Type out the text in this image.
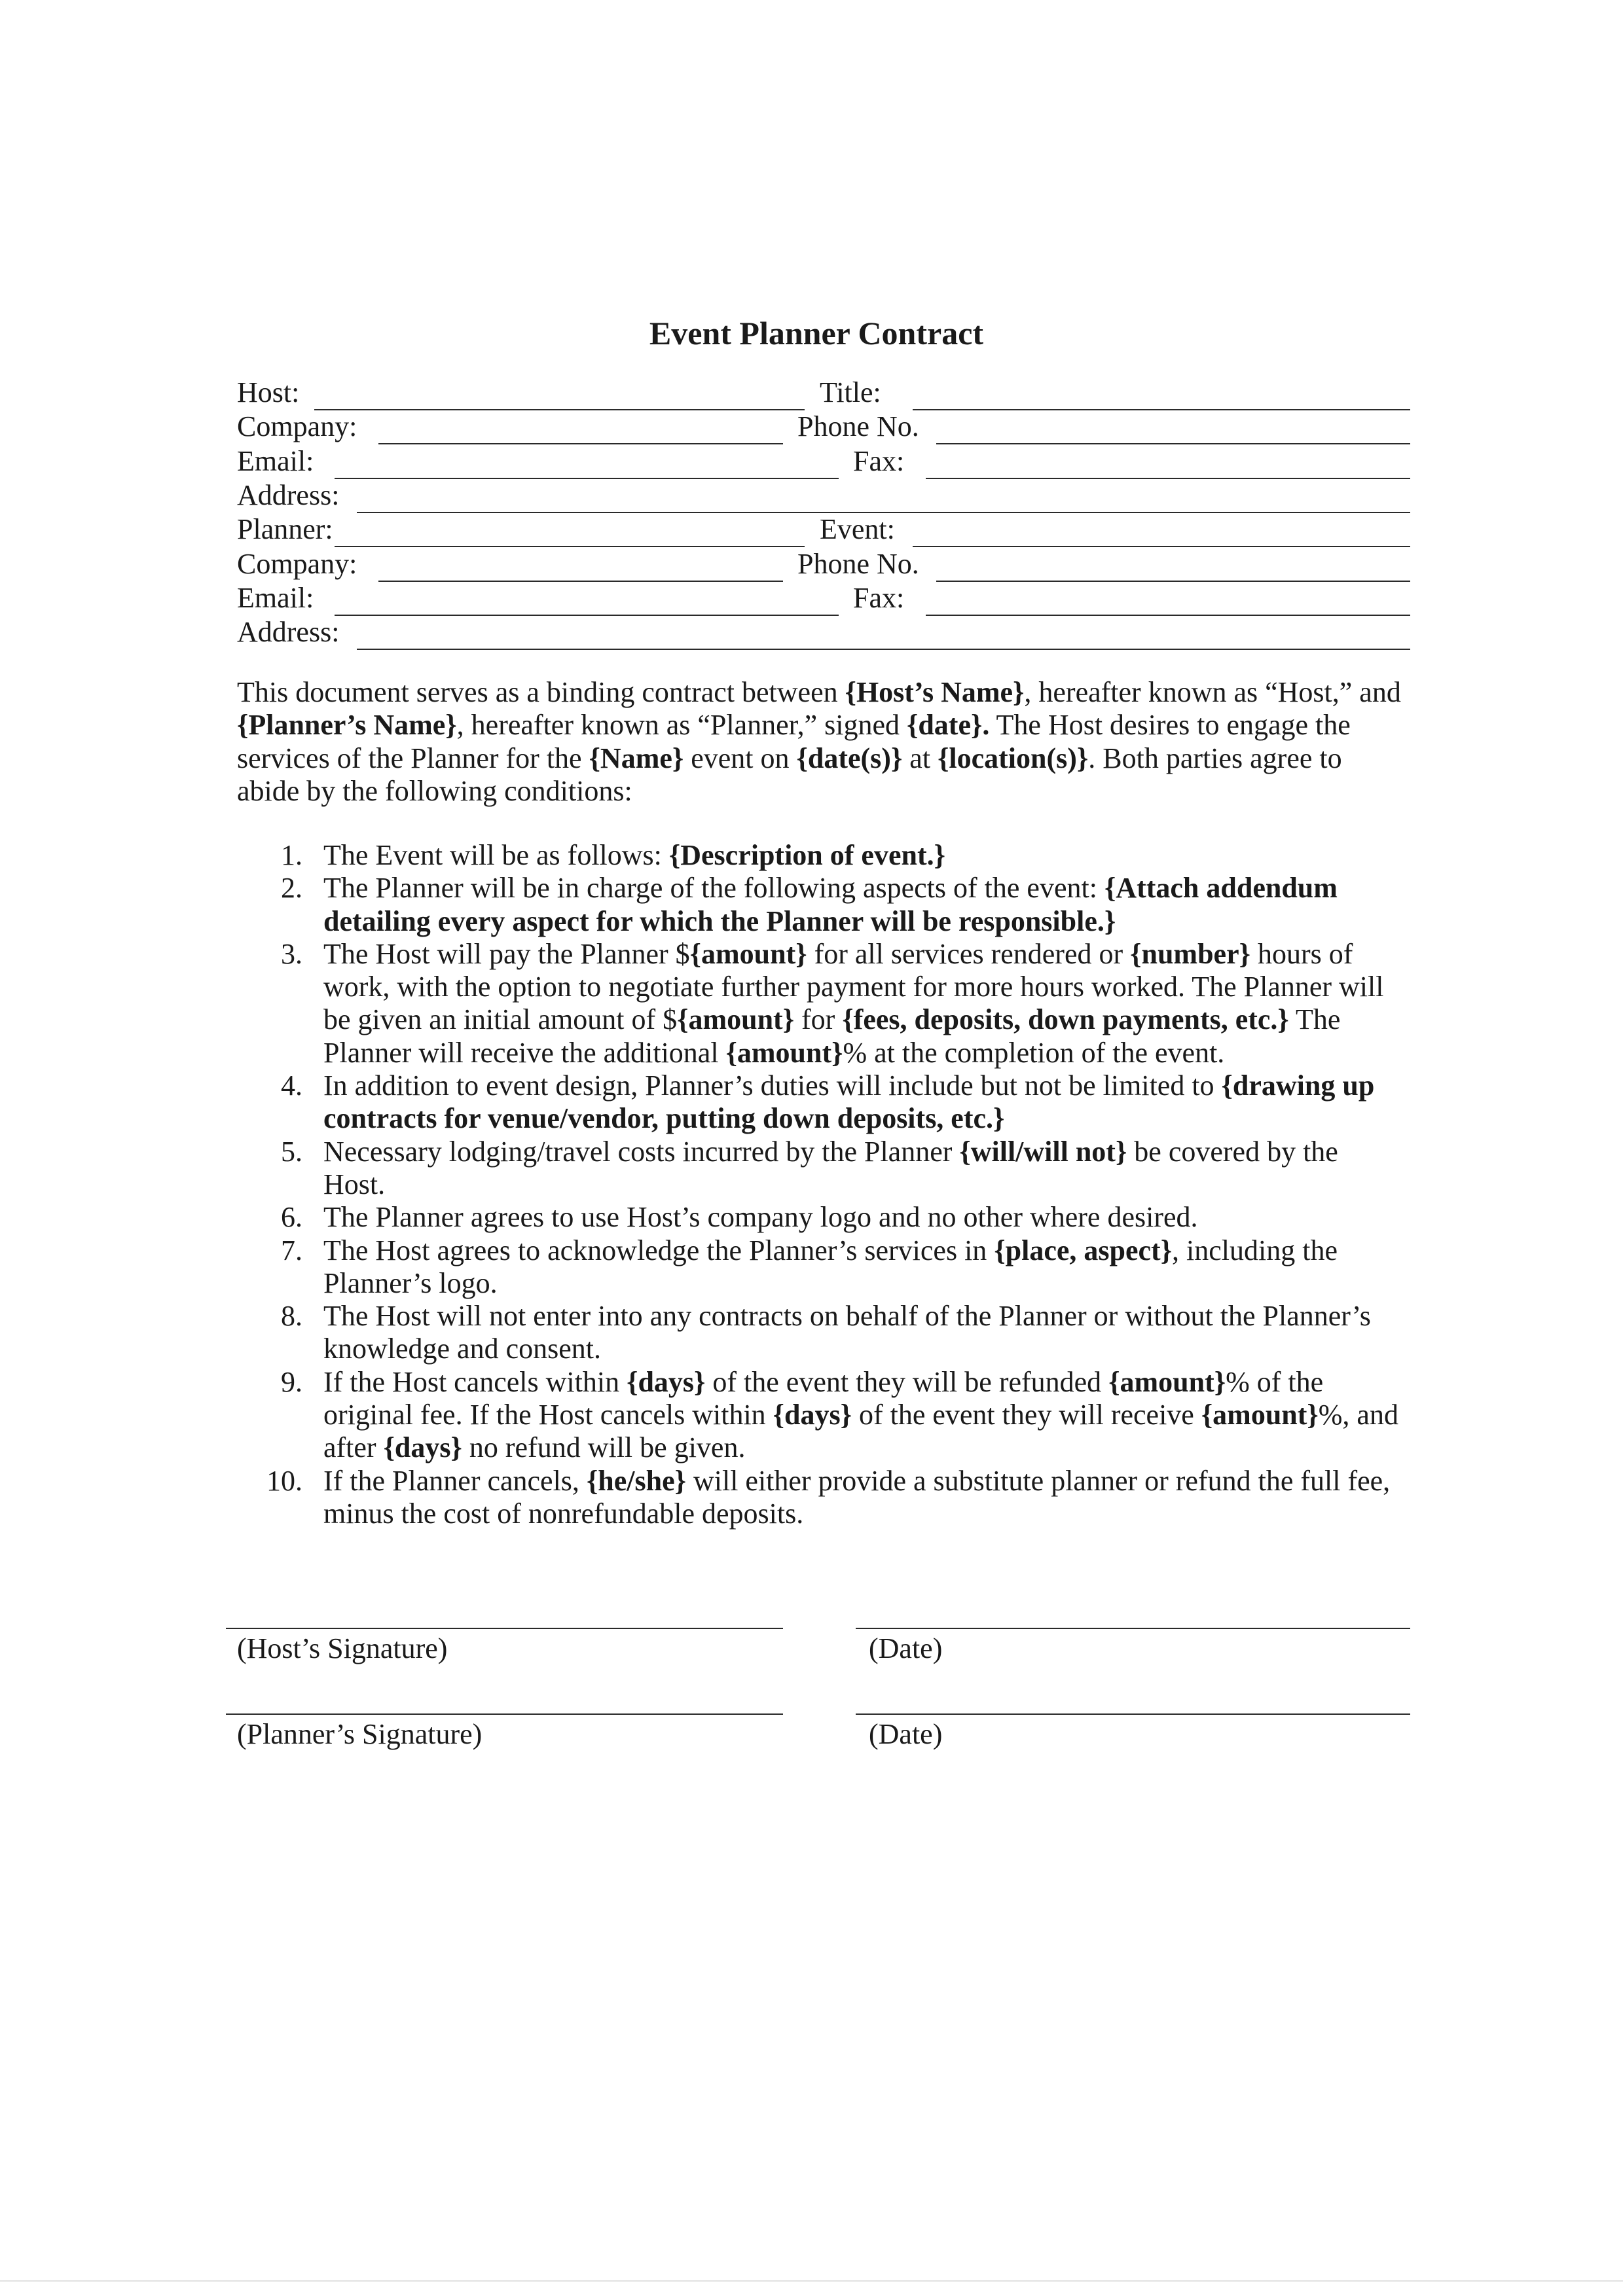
Event Planner Contract
Host:	Title:
Company:	Phone No.
Email:	Fax:
Address:
Planner:	Event:
Company:	Phone No.
Email:	Fax:
Address:
This document serves as a binding contract between {Host’s Name}, hereafter known as “Host,” and
{Planner’s Name}, hereafter known as “Planner,” signed {date}. The Host desires to engage the
services of the Planner for the {Name} event on {date(s)} at {location(s)}. Both parties agree to
abide by the following conditions:
1. The Event will be as follows: {Description of event.}
2. The Planner will be in charge of the following aspects of the event: {Attach addendum
detailing every aspect for which the Planner will be responsible.}
3. The Host will pay the Planner ${amount} for all services rendered or {number} hours of
work, with the option to negotiate further payment for more hours worked. The Planner will
be given an initial amount of ${amount} for {fees, deposits, down payments, etc.} The
Planner will receive the additional {amount}% at the completion of the event.
4. In addition to event design, Planner’s duties will include but not be limited to {drawing up
contracts for venue/vendor, putting down deposits, etc.}
5. Necessary lodging/travel costs incurred by the Planner {will/will not} be covered by the
Host.
6. The Planner agrees to use Host’s company logo and no other where desired.
7. The Host agrees to acknowledge the Planner’s services in {place, aspect}, including the
Planner’s logo.
8. The Host will not enter into any contracts on behalf of the Planner or without the Planner’s
knowledge and consent.
9. If the Host cancels within {days} of the event they will be refunded {amount}% of the
original fee. If the Host cancels within {days} of the event they will receive {amount}%, and
after {days} no refund will be given.
10. If the Planner cancels, {he/she} will either provide a substitute planner or refund the full fee,
minus the cost of nonrefundable deposits.
(Host’s Signature)	(Date)
(Planner’s Signature)	(Date)
